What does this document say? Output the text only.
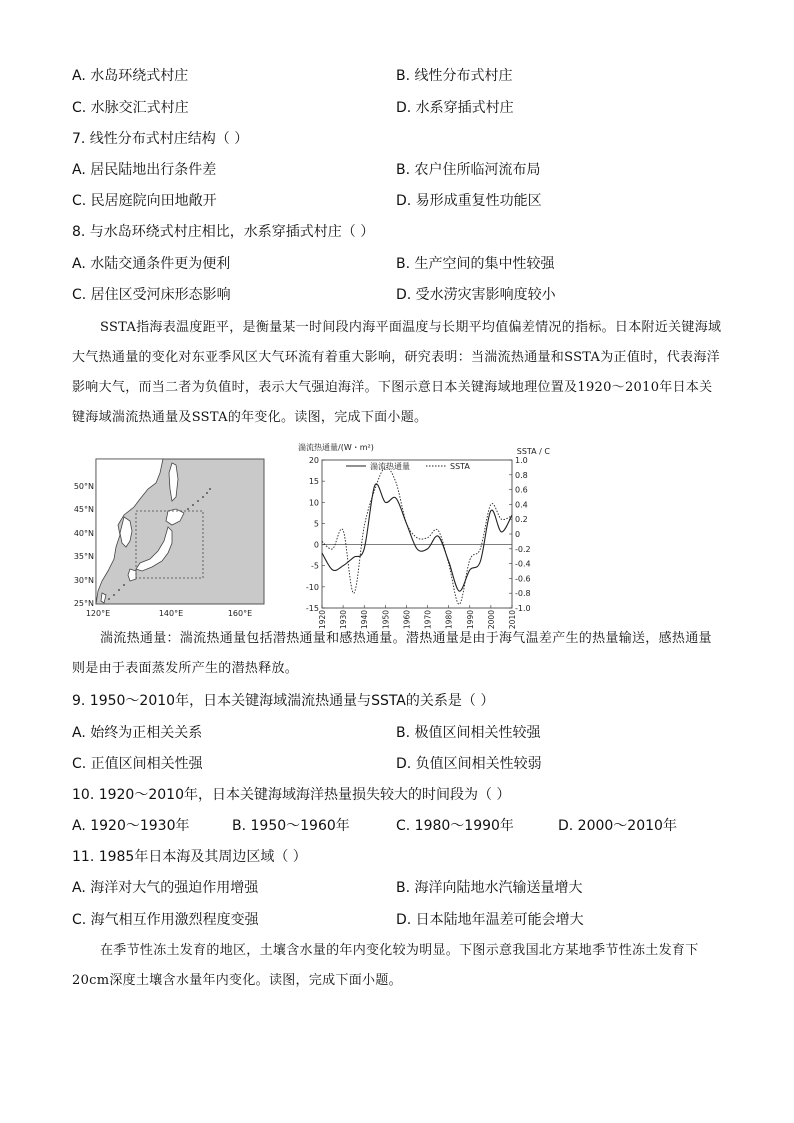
A. 水岛环绕式村庄	B. 线性分布式村庄
C. 水脉交汇式村庄	D. 水系穿插式村庄
7. 线性分布式村庄结构（ ）
A. 居民陆地出行条件差	B. 农户住所临河流布局
C. 民居庭院向田地敞开	D. 易形成重复性功能区
8. 与水岛环绕式村庄相比，水系穿插式村庄（ ）
A. 水陆交通条件更为便利	B. 生产空间的集中性较强
C. 居住区受河床形态影响	D. 受水涝灾害影响度较小
SSTA指海表温度距平，是衡量某一时间段内海平面温度与长期平均值偏差情况的指标。日本附近关键海域大气热通量的变化对东亚季风区大气环流有着重大影响，研究表明：当湍流热通量和SSTA为正值时，代表海洋影响大气，而当二者为负值时，表示大气强迫海洋。下图示意日本关键海域地理位置及1920～2010年日本关键海域湍流热通量及SSTA的年变化。读图，完成下面小题。
50°N
45°N
40°N
35°N
30°N
25°N
120°E	140°E	160°E
湍流热通量/(W・m²)	SSTA / C
20
15
10
5
0
-5
-10
-15
1.0
0.8
0.6
0.4
0.2
0
-0.2
-0.4
-0.6
-0.8
-1.0
1920 1930 1940 1950 1960 1970 1980 1990 2000 2010
湍流热通量	SSTA
湍流热通量：湍流热通量包括潜热通量和感热通量。潜热通量是由于海气温差产生的热量输送，感热通量则是由于表面蒸发所产生的潜热释放。
9. 1950～2010年，日本关键海域湍流热通量与SSTA的关系是（ ）
A. 始终为正相关关系	B. 极值区间相关性较强
C. 正值区间相关性强	D. 负值区间相关性较弱
10. 1920～2010年，日本关键海域海洋热量损失较大的时间段为（ ）
A. 1920～1930年	B. 1950～1960年	C. 1980～1990年	D. 2000～2010年
11. 1985年日本海及其周边区域（ ）
A. 海洋对大气的强迫作用增强	B. 海洋向陆地水汽输送量增大
C. 海气相互作用激烈程度变强	D. 日本陆地年温差可能会增大
在季节性冻土发育的地区，土壤含水量的年内变化较为明显。下图示意我国北方某地季节性冻土发育下20cm深度土壤含水量年内变化。读图，完成下面小题。
